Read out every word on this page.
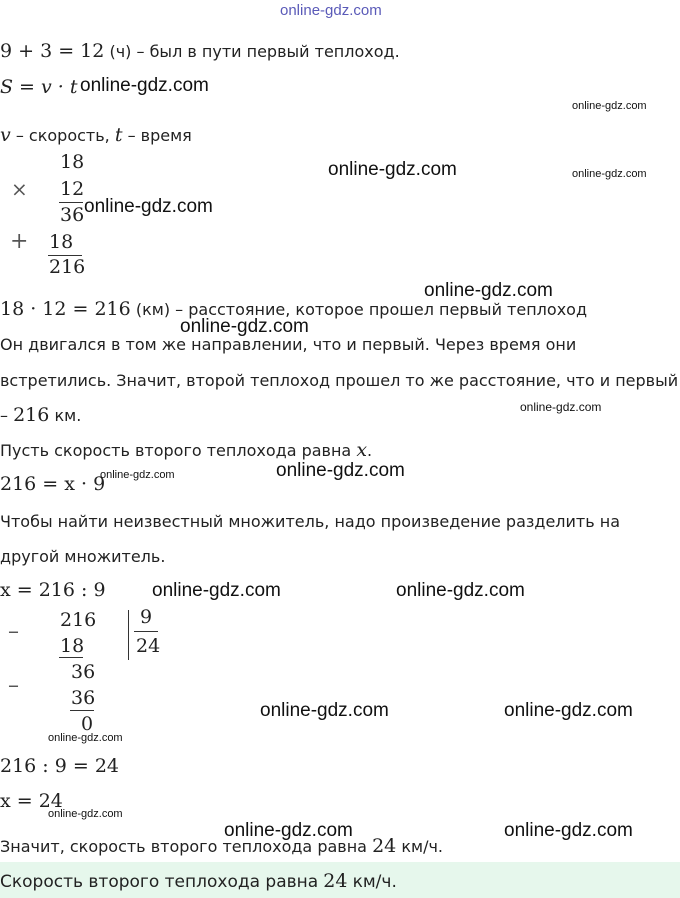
online-gdz.com
9 + 3 = 12 (ч) – был в пути первый теплоход.
S = v · t online-gdz.com
online-gdz.com
v – скорость, t – время
18
× 12
36 online-gdz.com
online-gdz.com	online-gdz.com
+ 18
216
online-gdz.com
18 · 12 = 216 (км) – расстояние, которое прошел первый теплоход
online-gdz.com
Он двигался в том же направлении, что и первый. Через время они
встретились. Значит, второй теплоход прошел то же расстояние, что и первый
– 216 км.	online-gdz.com
Пусть скорость второго теплохода равна x.
online-gdz.com
216 = x · 9
online-gdz.com
Чтобы найти неизвестный множитель, надо произведение разделить на
другой множитель.
x = 216 : 9 online-gdz.com	online-gdz.com
– 216 9
18	24
36
–	36
0
online-gdz.com	online-gdz.com
online-gdz.com
216 : 9 = 24
x = 24
online-gdz.com
online-gdz.com	online-gdz.com
Значит, скорость второго теплохода равна 24 км/ч.
Скорость второго теплохода равна 24 км/ч.
